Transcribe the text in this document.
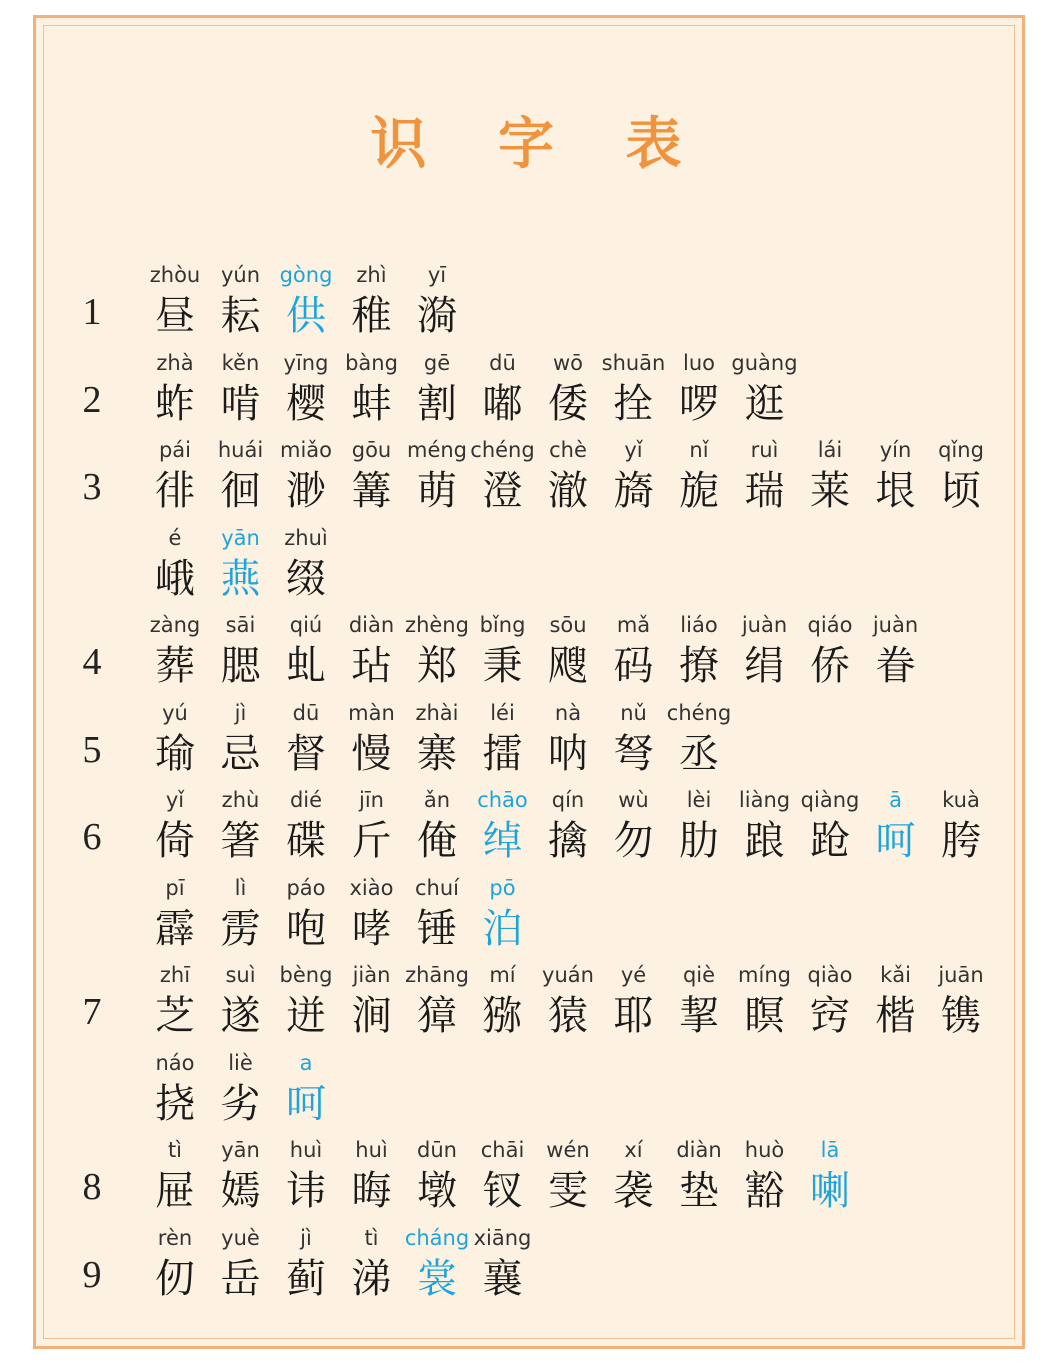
识 字 表
1
zhòu
昼
yún
耘
gòng
供
zhì
稚
yī
漪
2
zhà
蚱
kěn
啃
yīng
樱
bàng
蚌
gē
割
dū
嘟
wō
倭
shuān
拴
luo
啰
guàng
逛
3
pái
徘
huái
徊
miǎo
渺
gōu
篝
méng
萌
chéng
澄
chè
澈
yǐ
旖
nǐ
旎
ruì
瑞
lái
莱
yín
垠
qǐng
顷
é
峨
yān
燕
zhuì
缀
4
zàng
葬
sāi
腮
qiú
虬
diàn
玷
zhèng
郑
bǐng
秉
sōu
飕
mǎ
码
liáo
撩
juàn
绢
qiáo
侨
juàn
眷
5
yú
瑜
jì
忌
dū
督
màn
慢
zhài
寨
léi
擂
nà
呐
nǔ
弩
chéng
丞
6
yǐ
倚
zhù
箸
dié
碟
jīn
斤
ǎn
俺
chāo
绰
qín
擒
wù
勿
lèi
肋
liàng
踉
qiàng
跄
ā
呵
kuà
胯
pī
霹
lì
雳
páo
咆
xiào
哮
chuí
锤
pō
泊
7
zhī
芝
suì
遂
bèng
迸
jiàn
涧
zhāng
獐
mí
猕
yuán
猿
yé
耶
qiè
挈
míng
瞑
qiào
窍
kǎi
楷
juān
镌
náo
挠
liè
劣
a
呵
8
tì
屉
yān
嫣
huì
讳
huì
晦
dūn
墩
chāi
钗
wén
雯
xí
袭
diàn
垫
huò
豁
lā
喇
9
rèn
仞
yuè
岳
jì
蓟
tì
涕
cháng
裳
xiāng
襄
